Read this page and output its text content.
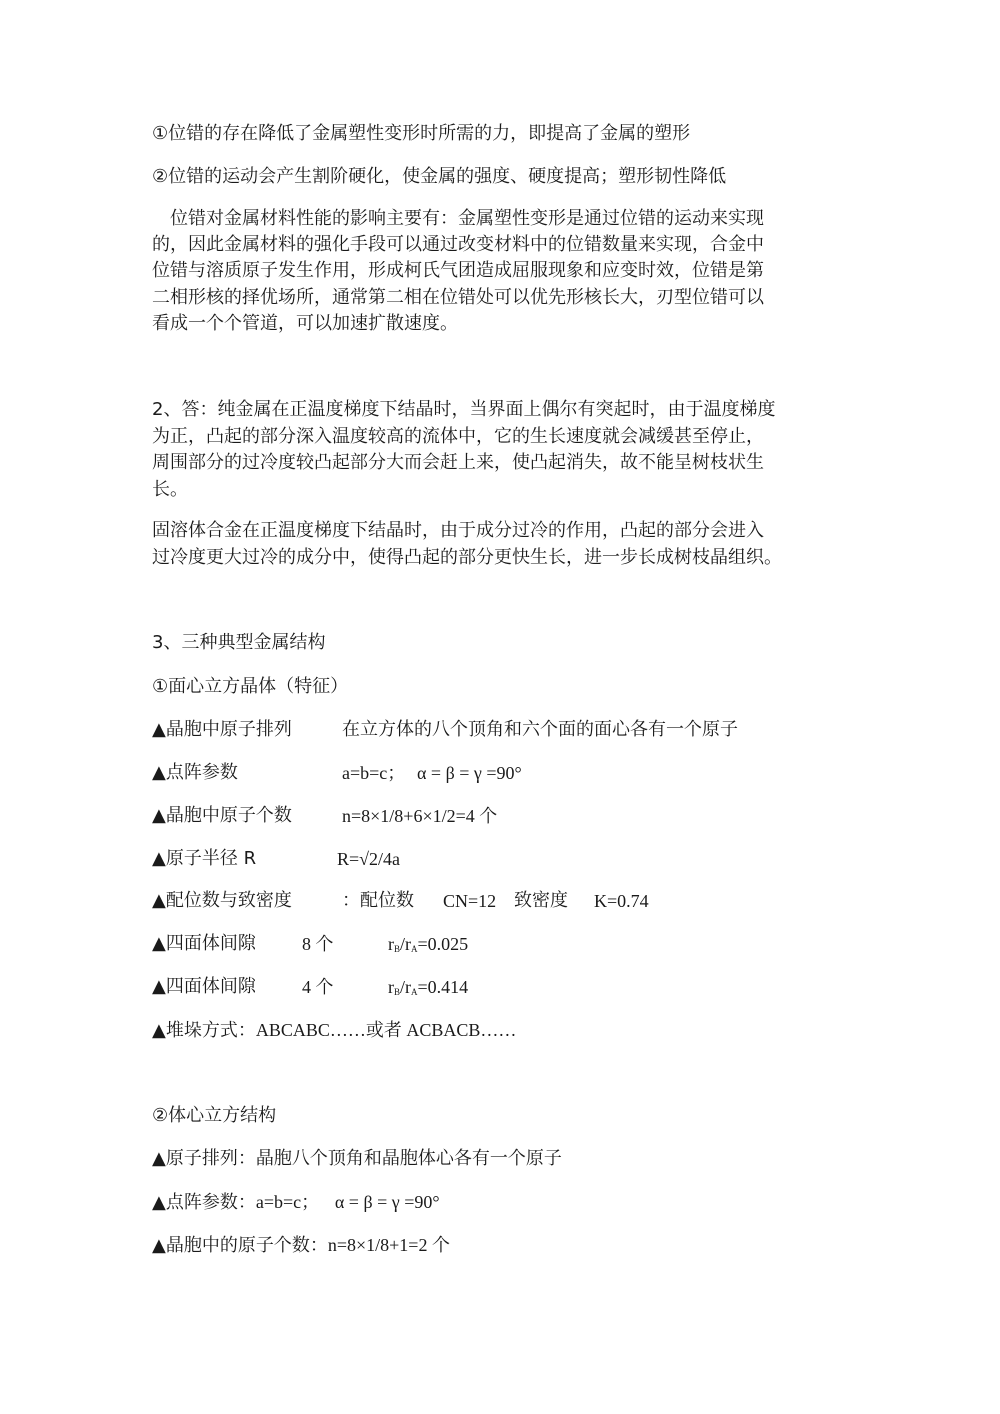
①位错的存在降低了金属塑性变形时所需的力，即提高了金属的塑形
②位错的运动会产生割阶硬化，使金属的强度、硬度提高；塑形韧性降低
　位错对金属材料性能的影响主要有：金属塑性变形是通过位错的运动来实现
的，因此金属材料的强化手段可以通过改变材料中的位错数量来实现，合金中
位错与溶质原子发生作用，形成柯氏气团造成屈服现象和应变时效，位错是第
二相形核的择优场所，通常第二相在位错处可以优先形核长大，刃型位错可以
看成一个个管道，可以加速扩散速度。
2、答：纯金属在正温度梯度下结晶时，当界面上偶尔有突起时，由于温度梯度
为正，凸起的部分深入温度较高的流体中，它的生长速度就会减缓甚至停止，
周围部分的过冷度较凸起部分大而会赶上来，使凸起消失，故不能呈树枝状生
长。
固溶体合金在正温度梯度下结晶时，由于成分过冷的作用，凸起的部分会进入
过冷度更大过冷的成分中，使得凸起的部分更快生长，进一步长成树枝晶组织。
3、三种典型金属结构
①面心立方晶体（特征）
▲晶胞中原子排列	在立方体的八个顶角和六个面的面心各有一个原子
▲点阵参数	a=b=c； α = β = γ =90°
▲晶胞中原子个数	n=8×1/8+6×1/2=4 个
▲原子半径 R	R=√2/4a
▲配位数与致密度	：配位数 CN=12 致密度 K=0.74
▲四面体间隙	8 个	$r_B/r_A=0.025$
▲四面体间隙	4 个	$r_B/r_A=0.414$
▲堆垛方式：ABCABC……或者 ACBACB……
②体心立方结构
▲原子排列：晶胞八个顶角和晶胞体心各有一个原子
▲点阵参数：a=b=c； α = β = γ =90°
▲晶胞中的原子个数：n=8×1/8+1=2 个
